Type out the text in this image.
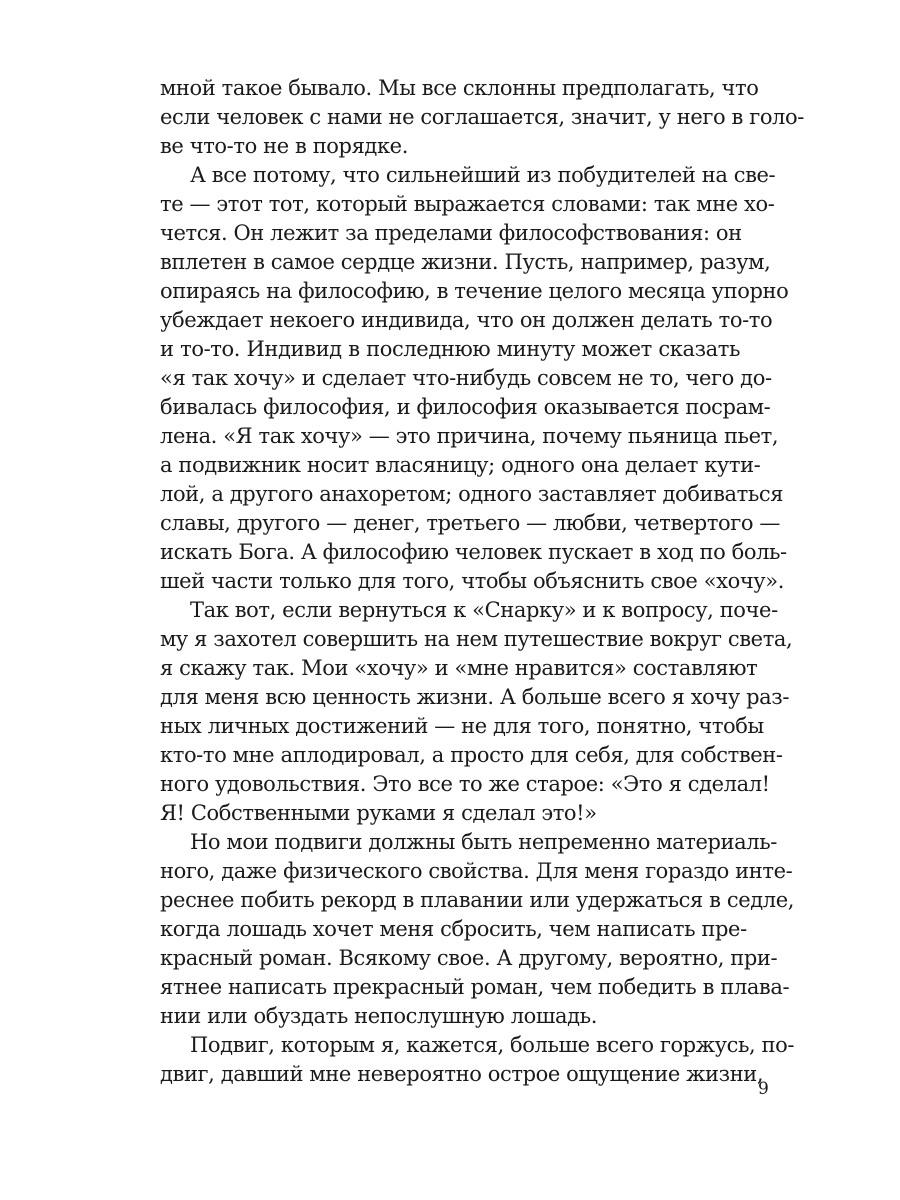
мной такое бывало. Мы все склонны предполагать, что
если человек с нами не соглашается, значит, у него в голо-
ве что-то не в порядке.
А все потому, что сильнейший из побудителей на све-
те — этот тот, который выражается словами: так мне хо-
чется. Он лежит за пределами философствования: он
вплетен в самое сердце жизни. Пусть, например, разум,
опираясь на философию, в течение целого месяца упорно
убеждает некоего индивида, что он должен делать то-то
и то-то. Индивид в последнюю минуту может сказать
«я так хочу» и сделает что-нибудь совсем не то, чего до-
бивалась философия, и философия оказывается посрам-
лена. «Я так хочу» — это причина, почему пьяница пьет,
а подвижник носит власяницу; одного она делает кути-
лой, а другого анахоретом; одного заставляет добиваться
славы, другого — денег, третьего — любви, четвертого —
искать Бога. А философию человек пускает в ход по боль-
шей части только для того, чтобы объяснить свое «хочу».
Так вот, если вернуться к «Снарку» и к вопросу, поче-
му я захотел совершить на нем путешествие вокруг света,
я скажу так. Мои «хочу» и «мне нравится» составляют
для меня всю ценность жизни. А больше всего я хочу раз-
ных личных достижений — не для того, понятно, чтобы
кто-то мне аплодировал, а просто для себя, для собствен-
ного удовольствия. Это все то же старое: «Это я сделал!
Я! Собственными руками я сделал это!»
Но мои подвиги должны быть непременно материаль-
ного, даже физического свойства. Для меня гораздо инте-
реснее побить рекорд в плавании или удержаться в седле,
когда лошадь хочет меня сбросить, чем написать пре-
красный роман. Всякому свое. А другому, вероятно, при-
ятнее написать прекрасный роман, чем победить в плава-
нии или обуздать непослушную лошадь.
Подвиг, которым я, кажется, больше всего горжусь, по-
двиг, давший мне невероятно острое ощущение жизни,
9
